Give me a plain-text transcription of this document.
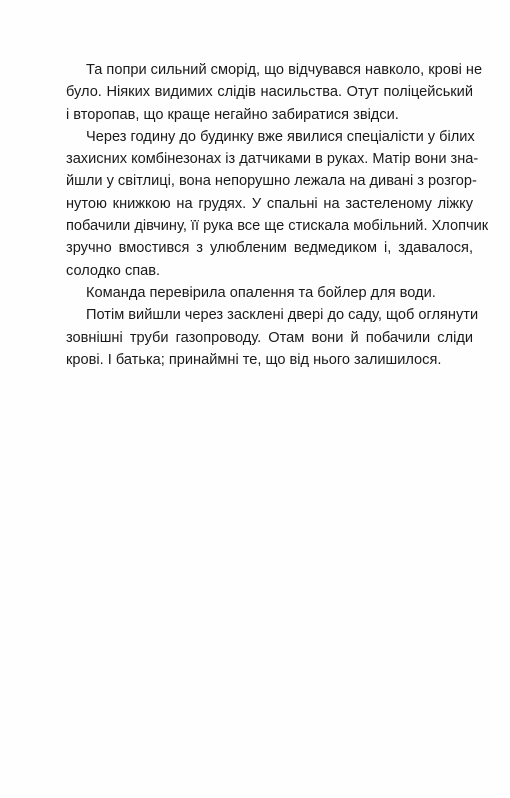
Та попри сильний сморід, що відчувався навколо, крові не
було. Ніяких видимих слідів насильства. Отут поліцейський
і второпав, що краще негайно забиратися звідси.
Через годину до будинку вже явилися спеціалісти у білих
захисних комбінезонах із датчиками в руках. Матір вони зна-
йшли у світлиці, вона непорушно лежала на дивані з розгор-
нутою книжкою на грудях. У спальні на застеленому ліжку
побачили дівчину, її рука все ще стискала мобільний. Хлопчик
зручно вмостився з улюбленим ведмедиком і, здавалося,
солодко спав.
Команда перевірила опалення та бойлер для води.
Потім вийшли через засклені двері до саду, щоб оглянути
зовнішні труби газопроводу. Отам вони й побачили сліди
крові. І батька; принаймні те, що від нього залишилося.
